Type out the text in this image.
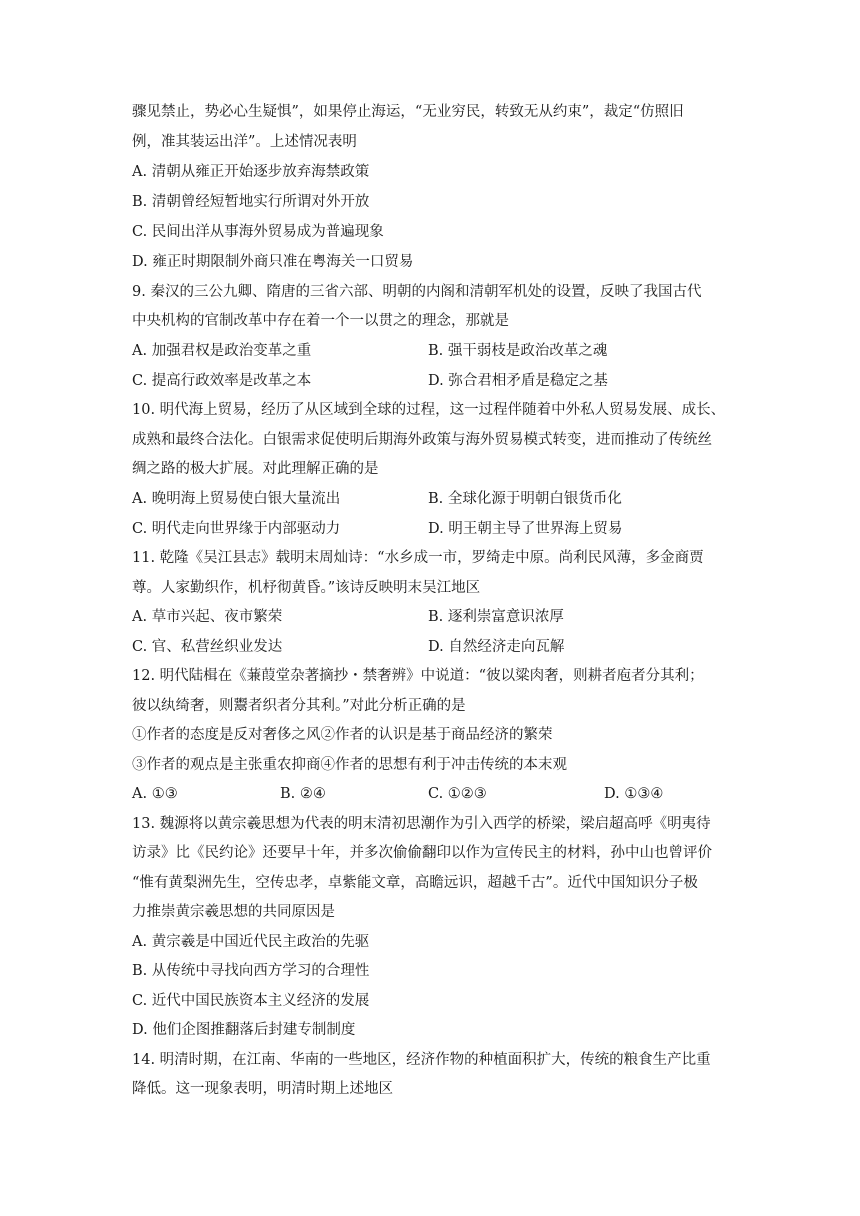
骤见禁止，势必心生疑惧”，如果停止海运，“无业穷民，转致无从约束”，裁定“仿照旧
例，准其装运出洋”。上述情况表明
A. 清朝从雍正开始逐步放弃海禁政策
B. 清朝曾经短暂地实行所谓对外开放
C. 民间出洋从事海外贸易成为普遍现象
D. 雍正时期限制外商只准在粤海关一口贸易
9. 秦汉的三公九卿、隋唐的三省六部、明朝的内阁和清朝军机处的设置，反映了我国古代
中央机构的官制改革中存在着一个一以贯之的理念，那就是
A. 加强君权是政治变革之重	B. 强干弱枝是政治改革之魂
C. 提高行政效率是改革之本	D. 弥合君相矛盾是稳定之基
10. 明代海上贸易，经历了从区域到全球的过程，这一过程伴随着中外私人贸易发展、成长、
成熟和最终合法化。白银需求促使明后期海外政策与海外贸易模式转变，进而推动了传统丝
绸之路的极大扩展。对此理解正确的是
A. 晚明海上贸易使白银大量流出	B. 全球化源于明朝白银货币化
C. 明代走向世界缘于内部驱动力	D. 明王朝主导了世界海上贸易
11. 乾隆《吴江县志》载明末周灿诗：“水乡成一市，罗绮走中原。尚利民风薄，多金商贾
尊。人家勤织作，机杼彻黄昏。”该诗反映明末吴江地区
A. 草市兴起、夜市繁荣	B. 逐利崇富意识浓厚
C. 官、私营丝织业发达	D. 自然经济走向瓦解
12. 明代陆楫在《蒹葭堂杂著摘抄・禁奢辨》中说道：“彼以粱肉奢，则耕者庖者分其利；
彼以纨绮奢，则鬻者织者分其利。”对此分析正确的是
①作者的态度是反对奢侈之风②作者的认识是基于商品经济的繁荣
③作者的观点是主张重农抑商④作者的思想有利于冲击传统的本末观
A. ①③	B. ②④	C. ①②③	D. ①③④
13. 魏源将以黄宗羲思想为代表的明末清初思潮作为引入西学的桥梁，梁启超高呼《明夷待
访录》比《民约论》还要早十年，并多次偷偷翻印以作为宣传民主的材料，孙中山也曾评价
“惟有黄梨洲先生，空传忠孝，卓紫能文章，高瞻远识，超越千古”。近代中国知识分子极
力推崇黄宗羲思想的共同原因是
A. 黄宗羲是中国近代民主政治的先驱
B. 从传统中寻找向西方学习的合理性
C. 近代中国民族资本主义经济的发展
D. 他们企图推翻落后封建专制制度
14. 明清时期，在江南、华南的一些地区，经济作物的种植面积扩大，传统的粮食生产比重
降低。这一现象表明，明清时期上述地区
